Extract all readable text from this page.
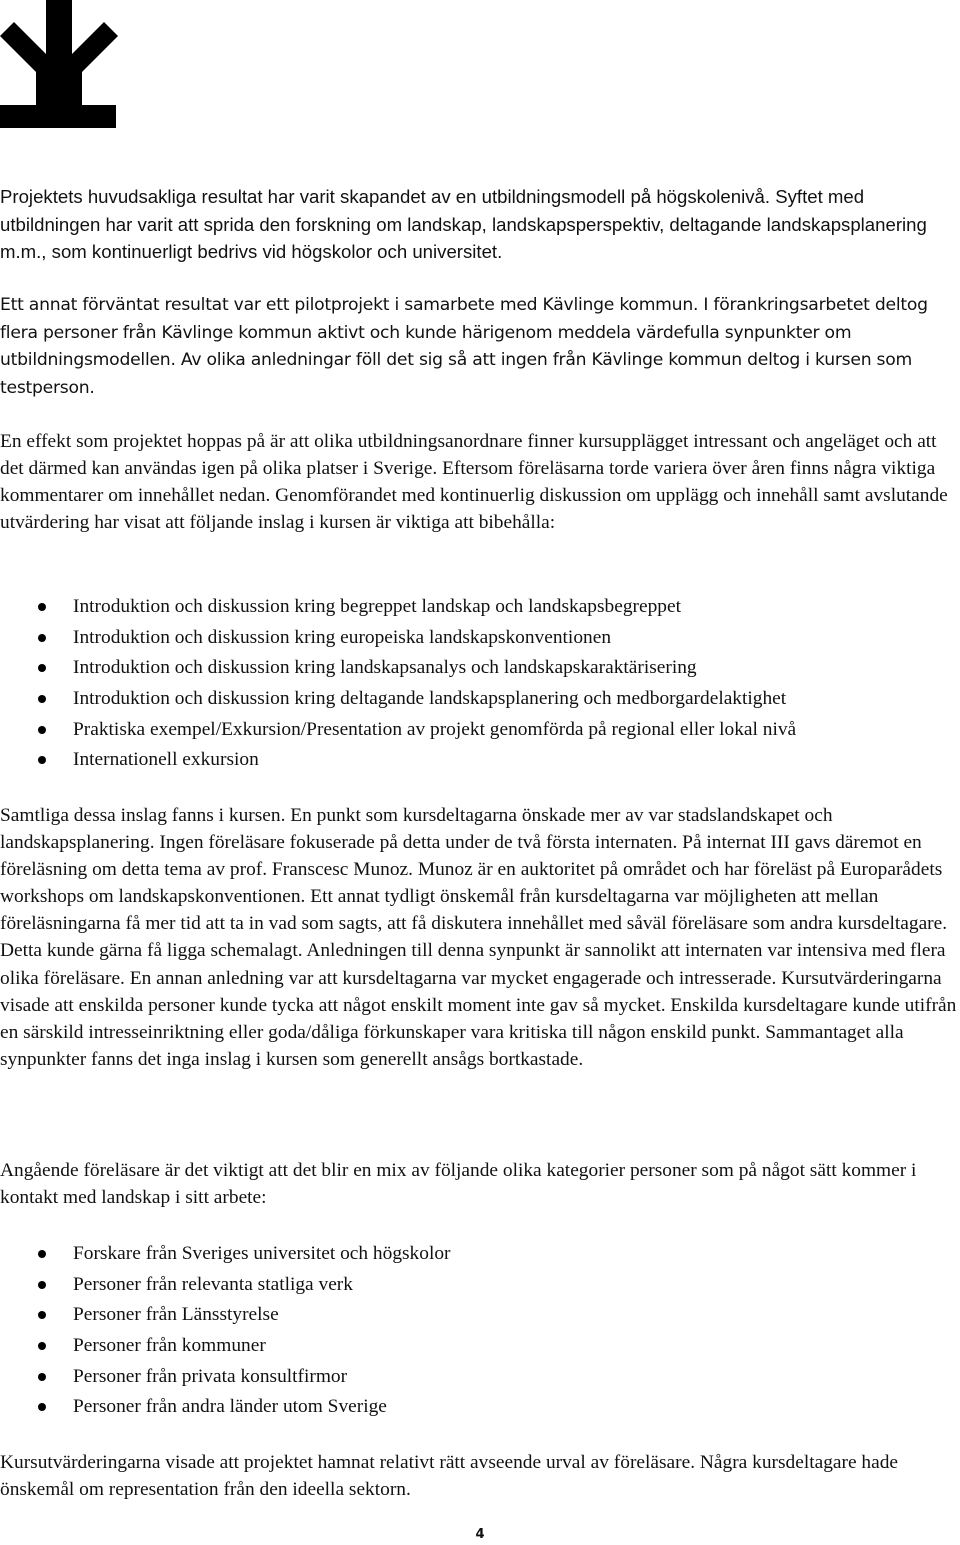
Projektets huvudsakliga resultat har varit skapandet av en utbildningsmodell på högskolenivå. Syftet med utbildningen har varit att sprida den forskning om landskap, landskapsperspektiv, deltagande landskapsplanering m.m., som kontinuerligt bedrivs vid högskolor och universitet.

Ett annat förväntat resultat var ett pilotprojekt i samarbete med Kävlinge kommun. I förankringsarbetet deltog flera personer från Kävlinge kommun aktivt och kunde härigenom meddela värdefulla synpunkter om utbildningsmodellen. Av olika anledningar föll det sig så att ingen från Kävlinge kommun deltog i kursen som testperson.

En effekt som projektet hoppas på är att olika utbildningsanordnare finner kursupplägget intressant och angeläget och att det därmed kan användas igen på olika platser i Sverige. Eftersom föreläsarna torde variera över åren finns några viktiga kommentarer om innehållet nedan. Genomförandet med kontinuerlig diskussion om upplägg och innehåll samt avslutande utvärdering har visat att följande inslag i kursen är viktiga att bibehålla:

Introduktion och diskussion kring begreppet landskap och landskapsbegreppet
Introduktion och diskussion kring europeiska landskapskonventionen
Introduktion och diskussion kring landskapsanalys och landskapskaraktärisering
Introduktion och diskussion kring deltagande landskapsplanering och medborgardelaktighet
Praktiska exempel/Exkursion/Presentation av projekt genomförda på regional eller lokal nivå
Internationell exkursion

Samtliga dessa inslag fanns i kursen. En punkt som kursdeltagarna önskade mer av var stadslandskapet och landskapsplanering. Ingen föreläsare fokuserade på detta under de två första internaten. På internat III gavs däremot en föreläsning om detta tema av prof. Franscesc Munoz. Munoz är en auktoritet på området och har föreläst på Europarådets workshops om landskapskonventionen. Ett annat tydligt önskemål från kursdeltagarna var möjligheten att mellan föreläsningarna få mer tid att ta in vad som sagts, att få diskutera innehållet med såväl föreläsare som andra kursdeltagare. Detta kunde gärna få ligga schemalagt. Anledningen till denna synpunkt är sannolikt att internaten var intensiva med flera olika föreläsare. En annan anledning var att kursdeltagarna var mycket engagerade och intresserade. Kursutvärderingarna visade att enskilda personer kunde tycka att något enskilt moment inte gav så mycket. Enskilda kursdeltagare kunde utifrån en särskild intresseinriktning eller goda/dåliga förkunskaper vara kritiska till någon enskild punkt. Sammantaget alla synpunkter fanns det inga inslag i kursen som generellt ansågs bortkastade.

Angående föreläsare är det viktigt att det blir en mix av följande olika kategorier personer som på något sätt kommer i kontakt med landskap i sitt arbete:

Forskare från Sveriges universitet och högskolor
Personer från relevanta statliga verk
Personer från Länsstyrelse
Personer från kommuner
Personer från privata konsultfirmor
Personer från andra länder utom Sverige

Kursutvärderingarna visade att projektet hamnat relativt rätt avseende urval av föreläsare. Några kursdeltagare hade önskemål om representation från den ideella sektorn.

4
